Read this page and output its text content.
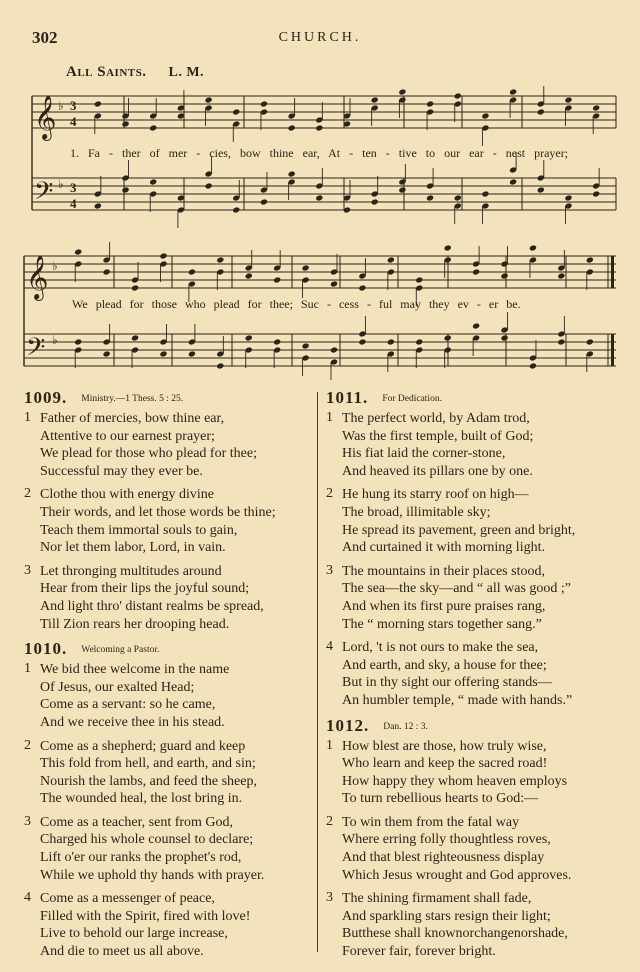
302	CHURCH.
All Saints. L. M.
𝄞
𝄢
♭
♭
3
4
3
4
𝄞
𝄢
♭
♭
1. Fa - ther of mer - cies, bow thine ear, At - ten - tive to our ear - nest prayer;
We plead for those who plead for thee; Suc - cess - ful may they ev - er be.
1009. Ministry.—1 Thess. 5 : 25.
1 Father of mercies, bow thine ear,
Attentive to our earnest prayer;
We plead for those who plead for thee;
Successful may they ever be.
2 Clothe thou with energy divine
Their words, and let those words be thine;
Teach them immortal souls to gain,
Nor let them labor, Lord, in vain.
3 Let thronging multitudes around
Hear from their lips the joyful sound;
And light thro' distant realms be spread,
Till Zion rears her drooping head.
1010. Welcoming a Pastor.
1 We bid thee welcome in the name
Of Jesus, our exalted Head;
Come as a servant: so he came,
And we receive thee in his stead.
2 Come as a shepherd; guard and keep
This fold from hell, and earth, and sin;
Nourish the lambs, and feed the sheep,
The wounded heal, the lost bring in.
3 Come as a teacher, sent from God,
Charged his whole counsel to declare;
Lift o'er our ranks the prophet's rod,
While we uphold thy hands with prayer.
4 Come as a messenger of peace,
Filled with the Spirit, fired with love!
Live to behold our large increase,
And die to meet us all above.
1011. For Dedication.
1 The perfect world, by Adam trod,
Was the first temple, built of God;
His fiat laid the corner-stone,
And heaved its pillars one by one.
2 He hung its starry roof on high—
The broad, illimitable sky;
He spread its pavement, green and bright,
And curtained it with morning light.
3 The mountains in their places stood,
The sea—the sky—and “ all was good ;”
And when its first pure praises rang,
The “ morning stars together sang.”
4 Lord, 't is not ours to make the sea,
And earth, and sky, a house for thee;
But in thy sight our offering stands—
An humbler temple, “ made with hands.”
1012. Dan. 12 : 3.
1 How blest are those, how truly wise,
Who learn and keep the sacred road!
How happy they whom heaven employs
To turn rebellious hearts to God:—
2 To win them from the fatal way
Where erring folly thoughtless roves,
And that blest righteousness display
Which Jesus wrought and God approves.
3 The shining firmament shall fade,
And sparkling stars resign their light;
Butthese shall knownorchangenorshade,
Forever fair, forever bright.
